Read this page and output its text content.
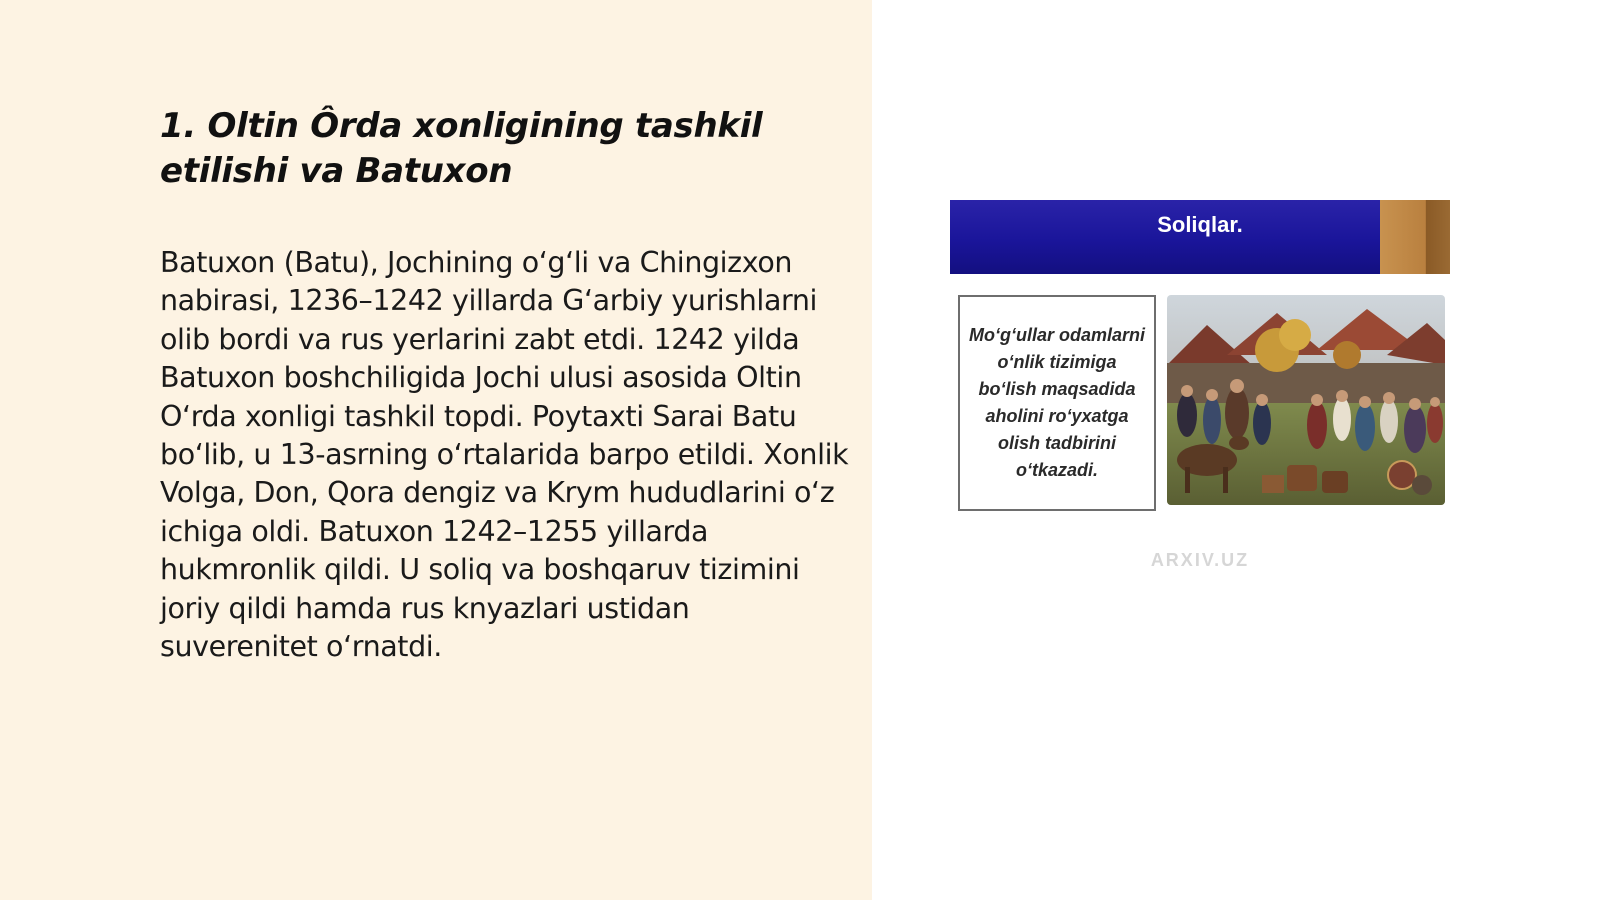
1. Oltin Ôrda xonligining tashkil etilishi va Batuxon

Batuxon (Batu), Jochining o‘g‘li va Chingizxon nabirasi, 1236–1242 yillarda G‘arbiy yurishlarni olib bordi va rus yerlarini zabt etdi. 1242 yilda Batuxon boshchiligida Jochi ulusi asosida Oltin O‘rda xonligi tashkil topdi. Poytaxti Sarai Batu bo‘lib, u 13-asrning o‘rtalarida barpo etildi. Xonlik Volga, Don, Qora dengiz va Krym hududlarini o‘z ichiga oldi. Batuxon 1242–1255 yillarda hukmronlik qildi. U soliq va boshqaruv tizimini joriy qildi hamda rus knyazlari ustidan suverenitet o‘rnatdi.

Soliqlar.
Mo‘g‘ullar odamlarni o‘nlik tizimiga bo‘lish maqsadida aholini ro‘yxatga olish tadbirini o‘tkazadi.
ARXIV.UZ
